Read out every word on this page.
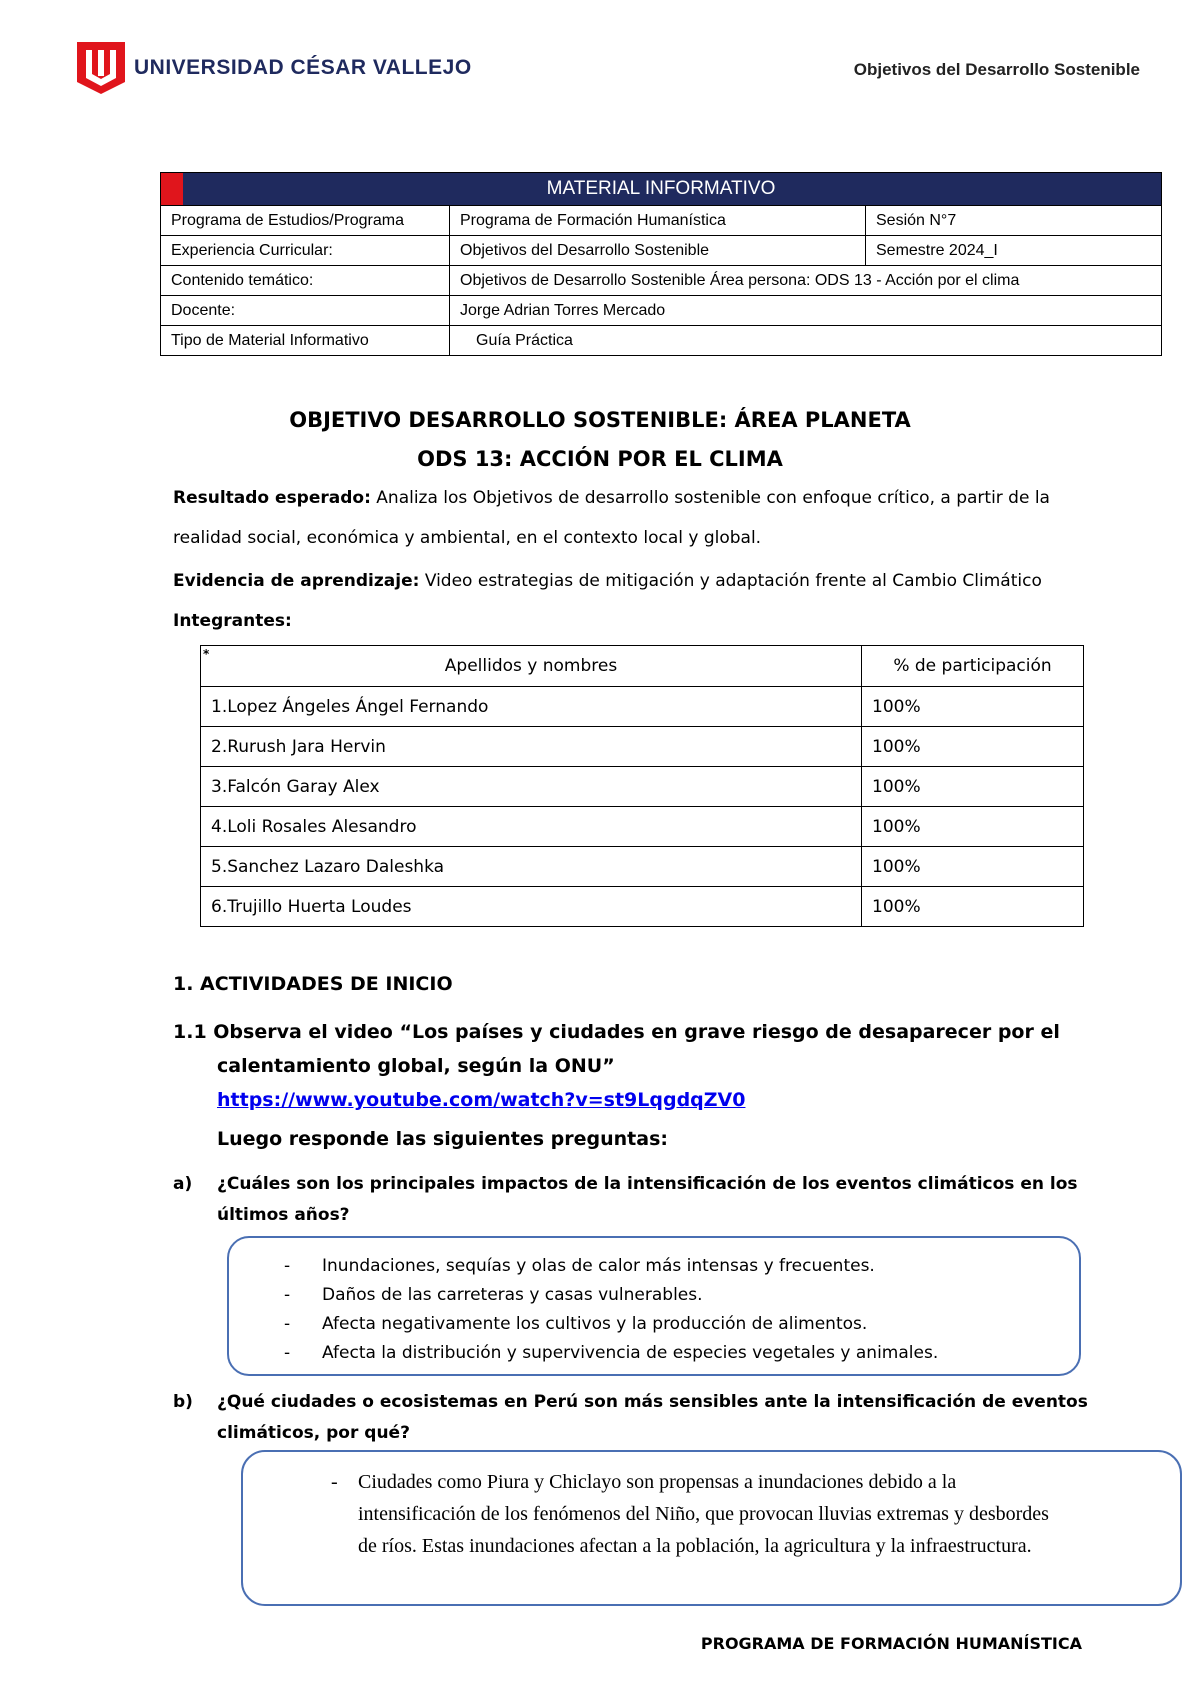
UNIVERSIDAD CÉSAR VALLEJO	Objetivos del Desarrollo Sostenible
MATERIAL INFORMATIVO		
Programa de Estudios/Programa	Programa de Formación Humanística	Sesión N°7
Experiencia Curricular:	Objetivos del Desarrollo Sostenible	Semestre 2024_I
Contenido temático:	Objetivos de Desarrollo Sostenible Área persona: ODS 13 - Acción por el clima	
Docente:	Jorge Adrian Torres Mercado	
Tipo de Material Informativo	Guía Práctica	
OBJETIVO DESARROLLO SOSTENIBLE: ÁREA PLANETA
ODS 13: ACCIÓN POR EL CLIMA
Resultado esperado: Analiza los Objetivos de desarrollo sostenible con enfoque crítico, a partir de la
realidad social, económica y ambiental, en el contexto local y global.
Evidencia de aprendizaje: Video estrategias de mitigación y adaptación frente al Cambio Climático
Integrantes:
*
Apellidos y nombres	% de participación
1.Lopez Ángeles Ángel Fernando	100%
2.Rurush Jara Hervin	100%
3.Falcón Garay Alex	100%
4.Loli Rosales Alesandro	100%
5.Sanchez Lazaro Daleshka	100%
6.Trujillo Huerta Loudes	100%
1. ACTIVIDADES DE INICIO
1.1 Observa el video “Los países y ciudades en grave riesgo de desaparecer por el
calentamiento global, según la ONU”
https://www.youtube.com/watch?v=st9LqgdqZV0
Luego responde las siguientes preguntas:
a) ¿Cuáles son los principales impactos de la intensificación de los eventos climáticos en los
últimos años?
- Inundaciones, sequías y olas de calor más intensas y frecuentes.
- Daños de las carreteras y casas vulnerables.
- Afecta negativamente los cultivos y la producción de alimentos.
- Afecta la distribución y supervivencia de especies vegetales y animales.
b) ¿Qué ciudades o ecosistemas en Perú son más sensibles ante la intensificación de eventos
climáticos, por qué?

- Ciudades como Piura y Chiclayo son propensas a inundaciones debido a la intensificación de los fenómenos del Niño, que provocan lluvias extremas y desbordes de ríos. Estas inundaciones afectan a la población, la agricultura y la infraestructura.

PROGRAMA DE FORMACIÓN HUMANÍSTICA
